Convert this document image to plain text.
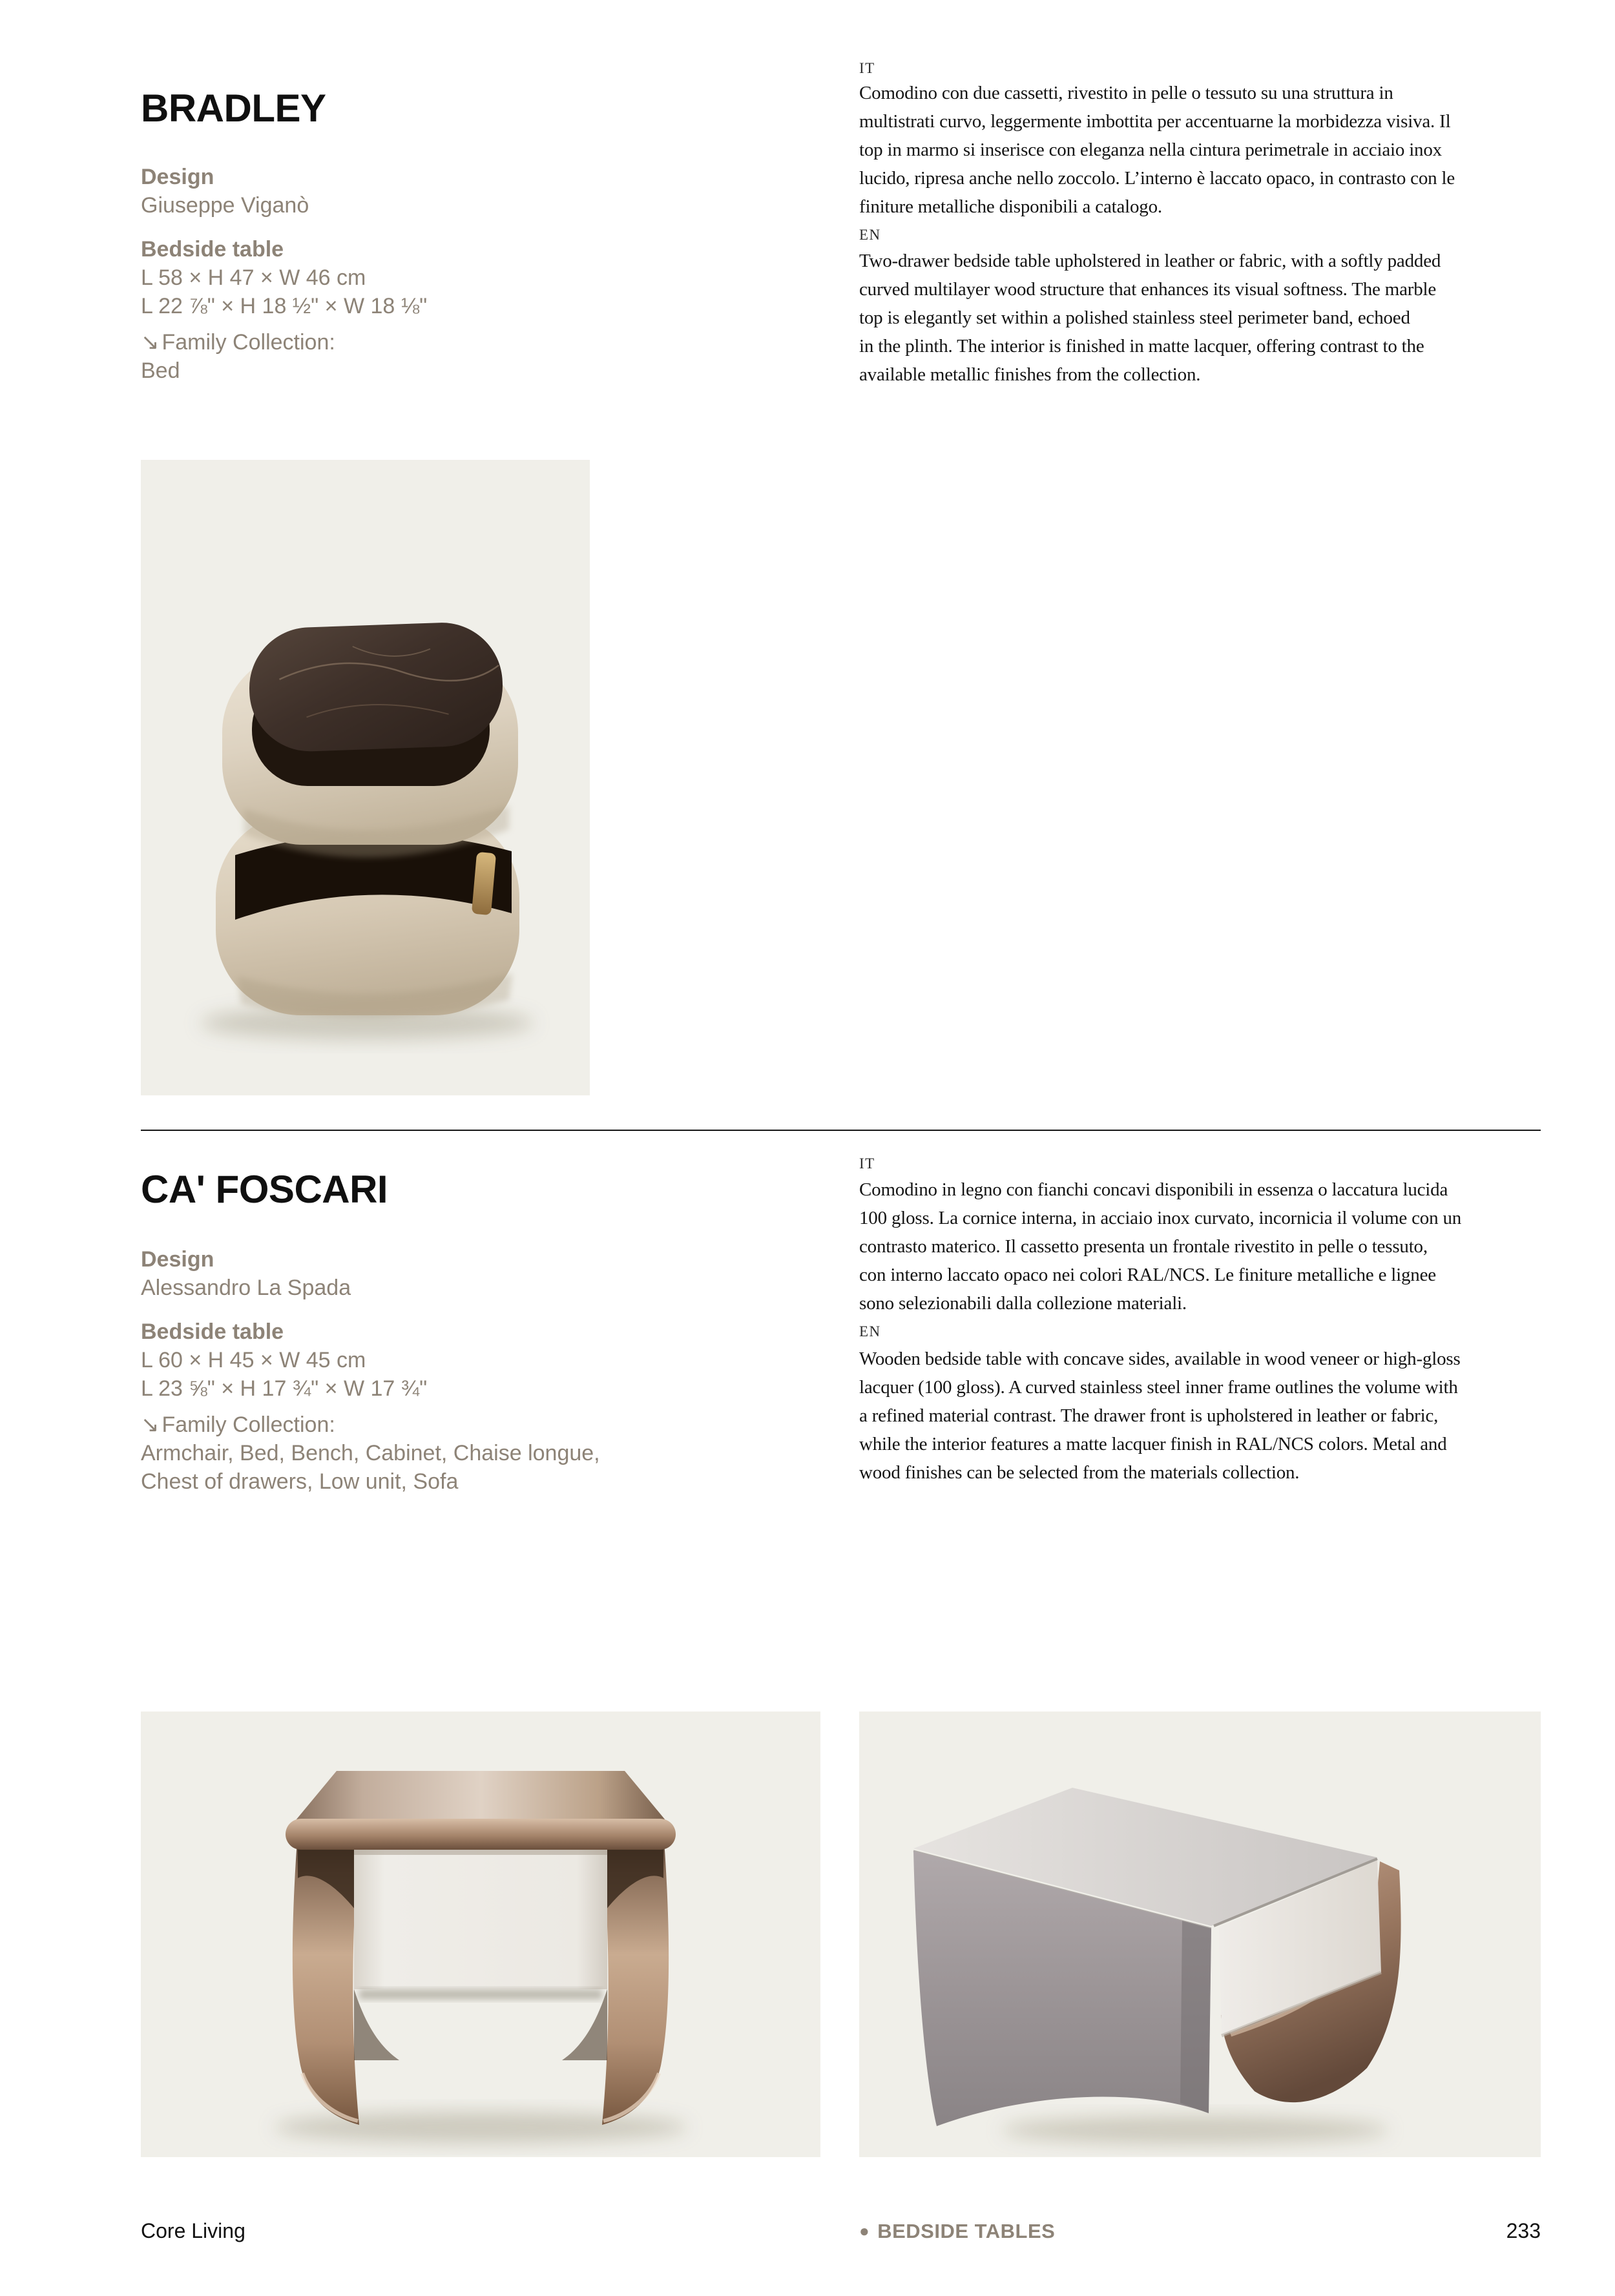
BRADLEY
Design
Giuseppe Viganò
Bedside table
L 58 × H 47 × W 46 cm
L 22 ⅞" × H 18 ½" × W 18 ⅛"
↘ Family Collection:
Bed
IT
Comodino con due cassetti, rivestito in pelle o tessuto su una struttura in
multistrati curvo, leggermente imbottita per accentuarne la morbidezza visiva. Il
top in marmo si inserisce con eleganza nella cintura perimetrale in acciaio inox
lucido, ripresa anche nello zoccolo. L’interno è laccato opaco, in contrasto con le
finiture metalliche disponibili a catalogo.
EN
Two-drawer bedside table upholstered in leather or fabric, with a softly padded
curved multilayer wood structure that enhances its visual softness. The marble
top is elegantly set within a polished stainless steel perimeter band, echoed
in the plinth. The interior is finished in matte lacquer, offering contrast to the
available metallic finishes from the collection.
CA' FOSCARI
Design
Alessandro La Spada
Bedside table
L 60 × H 45 × W 45 cm
L 23 ⅝" × H 17 ¾" × W 17 ¾"
↘ Family Collection:
Armchair, Bed, Bench, Cabinet, Chaise longue,
Chest of drawers, Low unit, Sofa
IT
Comodino in legno con fianchi concavi disponibili in essenza o laccatura lucida
100 gloss. La cornice interna, in acciaio inox curvato, incornicia il volume con un
contrasto materico. Il cassetto presenta un frontale rivestito in pelle o tessuto,
con interno laccato opaco nei colori RAL/NCS. Le finiture metalliche e lignee
sono selezionabili dalla collezione materiali.
EN
Wooden bedside table with concave sides, available in wood veneer or high-gloss
lacquer (100 gloss). A curved stainless steel inner frame outlines the volume with
a refined material contrast. The drawer front is upholstered in leather or fabric,
while the interior features a matte lacquer finish in RAL/NCS colors. Metal and
wood finishes can be selected from the materials collection.
Core Living	● BEDSIDE TABLES	233
